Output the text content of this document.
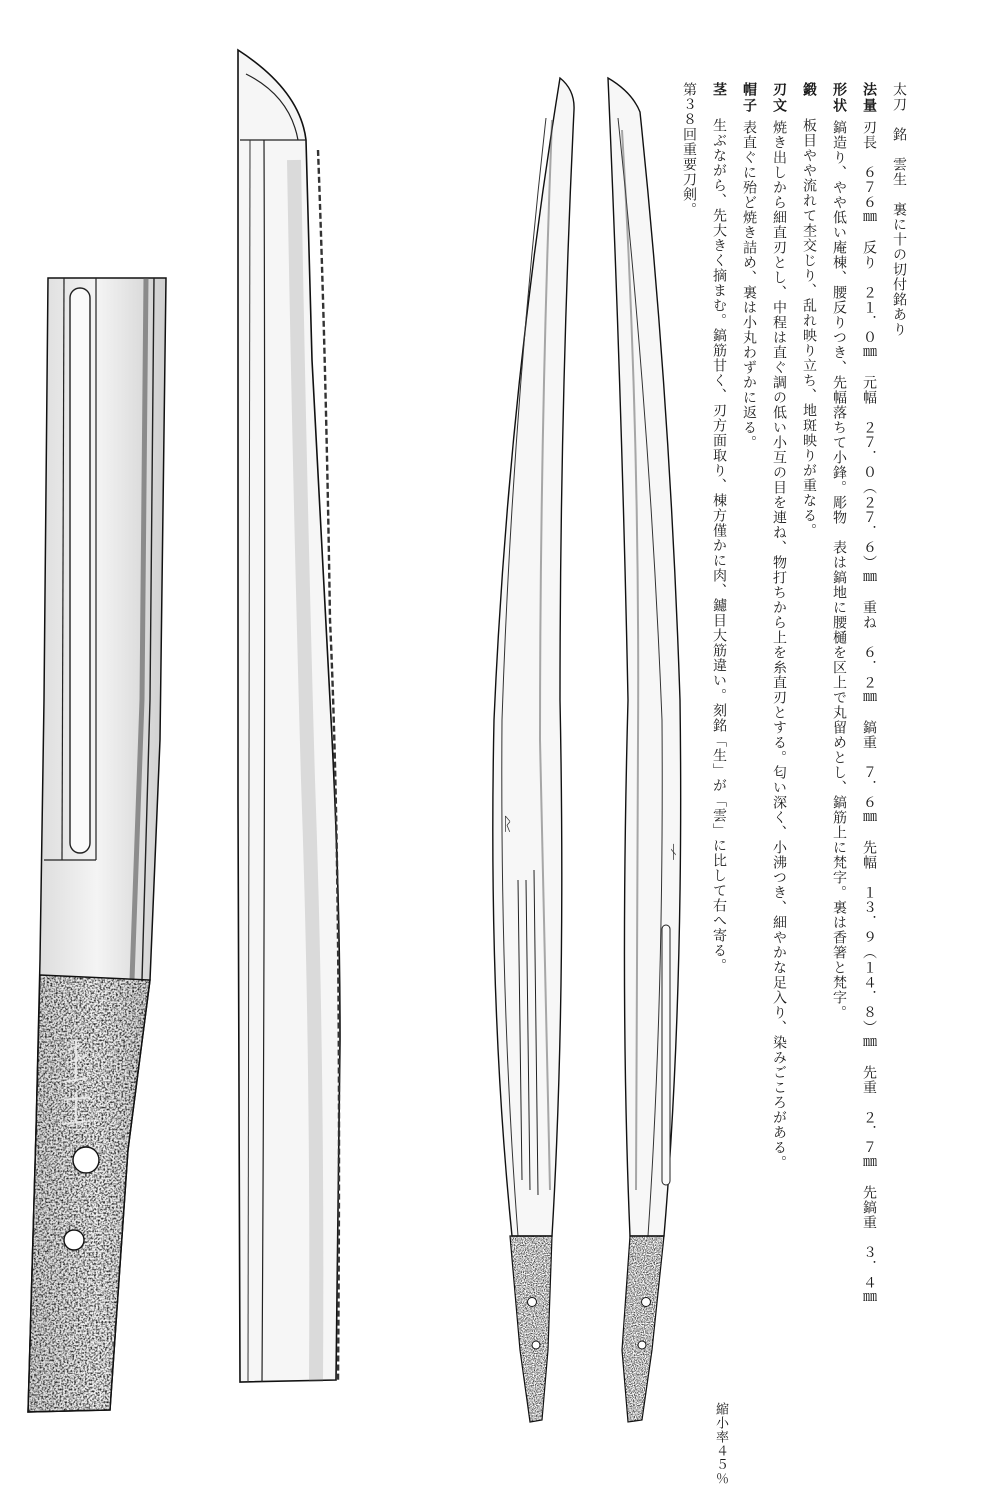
ᚱ
ᚾ
太刀　銘　雲生　裏に十の切付銘あり
法量刃長　６７６㎜　反り　２１．０㎜　元幅　２７．０（２７．６）㎜　重ね　６．２㎜　鎬重　７．６㎜　先幅　１３．９（１４．８）㎜　先重　２．７㎜　先鎬重　３．４㎜
形状鎬造り、やや低い庵棟、腰反りつき、先幅落ちて小鋒。彫物　表は鎬地に腰樋を区上で丸留めとし、鎬筋上に梵字。裏は香箸と梵字。
鍛板目やや流れて杢交じり、乱れ映り立ち、地斑映りが重なる。
刃文焼き出しから細直刃とし、中程は直ぐ調の低い小互の目を連ね、物打ちから上を糸直刃とする。匂い深く、小沸つき、細やかな足入り、染みごころがある。
帽子表直ぐに殆ど焼き詰め、裏は小丸わずかに返る。
茎生ぶながら、先大きく摘まむ。鎬筋甘く、刃方面取り、棟方僅かに肉、鑢目大筋違い。刻銘「生」が「雲」に比して右へ寄る。
第３８回重要刀剣。
縮小率４５％
